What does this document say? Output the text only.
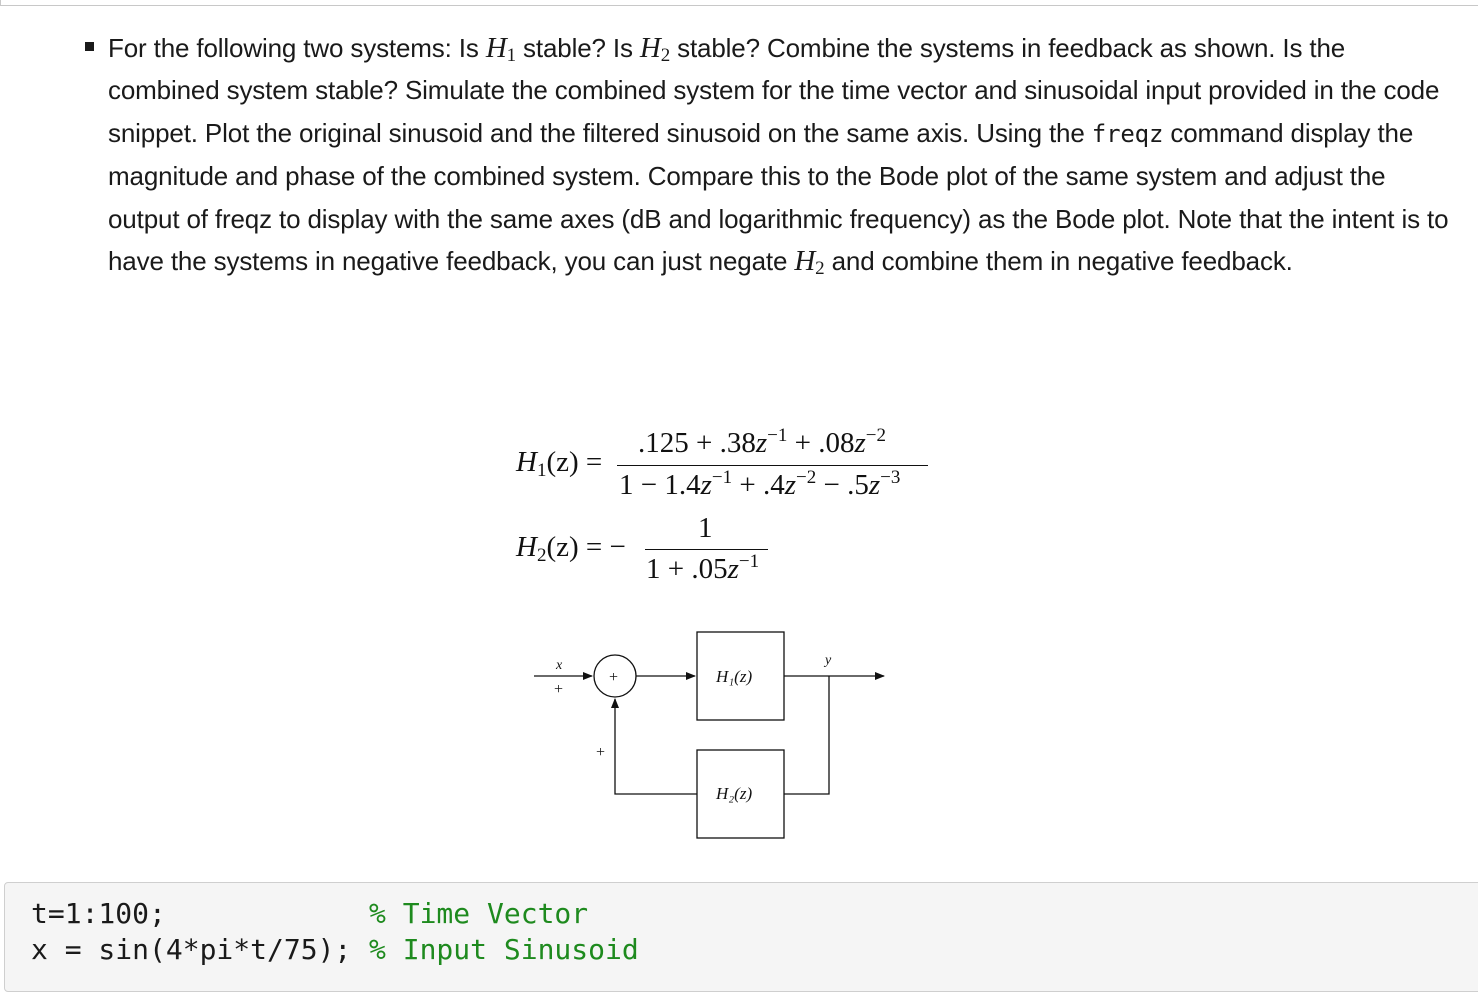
For the following two systems: Is $H_1$ stable? Is $H_2$ stable? Combine the systems in feedback as shown. Is the combined system stable? Simulate the combined system for the time vector and sinusoidal input provided in the code snippet. Plot the original sinusoid and the filtered sinusoid on the same axis. Using the freqz command display the magnitude and phase of the combined system. Compare this to the Bode plot of the same system and adjust the output of freqz to display with the same axes (dB and logarithmic frequency) as the Bode plot. Note that the intent is to have the systems in negative feedback, you can just negate $H_2$ and combine them in negative feedback.
$H_1(z)$ =
$.125 + .38z^{-1} + .08z^{-2}$
$1 - 1.4z^{-1} + .4z^{-2} - .5z^{-3}$
$H_2(z)$ = −
1
$1 + .05z^{-1}$
x
+
+	H₁(z)
y
H₂(z)
+
t=1:100;	% Time Vector
x = sin(4*pi*t/75); % Input Sinusoid
